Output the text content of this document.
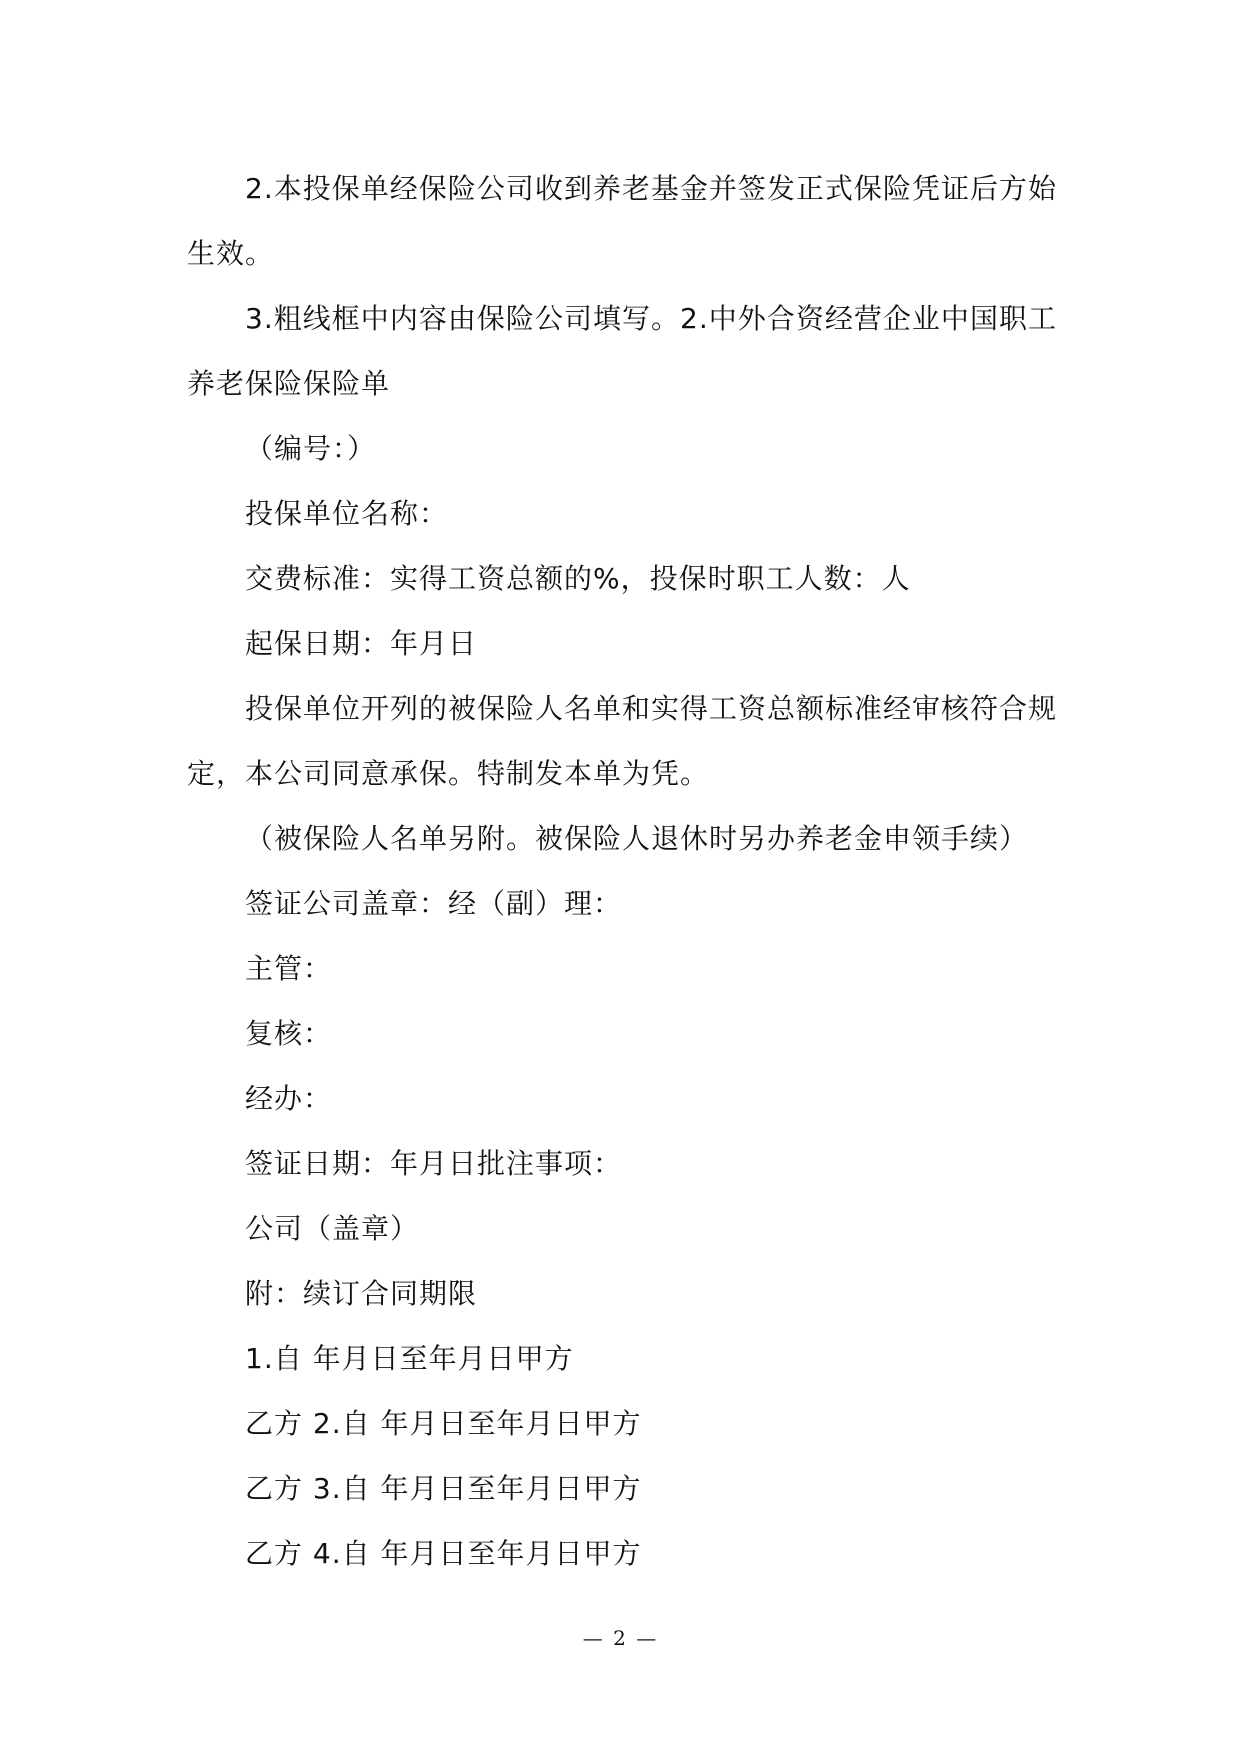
2.本投保单经保险公司收到养老基金并签发正式保险凭证后方始生效。

3.粗线框中内容由保险公司填写。2.中外合资经营企业中国职工养老保险保险单

（编号：）

投保单位名称：

交费标准：实得工资总额的%，投保时职工人数：人

起保日期：年月日

投保单位开列的被保险人名单和实得工资总额标准经审核符合规定，本公司同意承保。特制发本单为凭。

（被保险人名单另附。被保险人退休时另办养老金申领手续）

签证公司盖章：经（副）理：

主管：

复核：

经办：

签证日期：年月日批注事项：

公司（盖章）

附：续订合同期限

1.自 年月日至年月日甲方

乙方 2.自 年月日至年月日甲方

乙方 3.自 年月日至年月日甲方

乙方 4.自 年月日至年月日甲方

— 2 —
